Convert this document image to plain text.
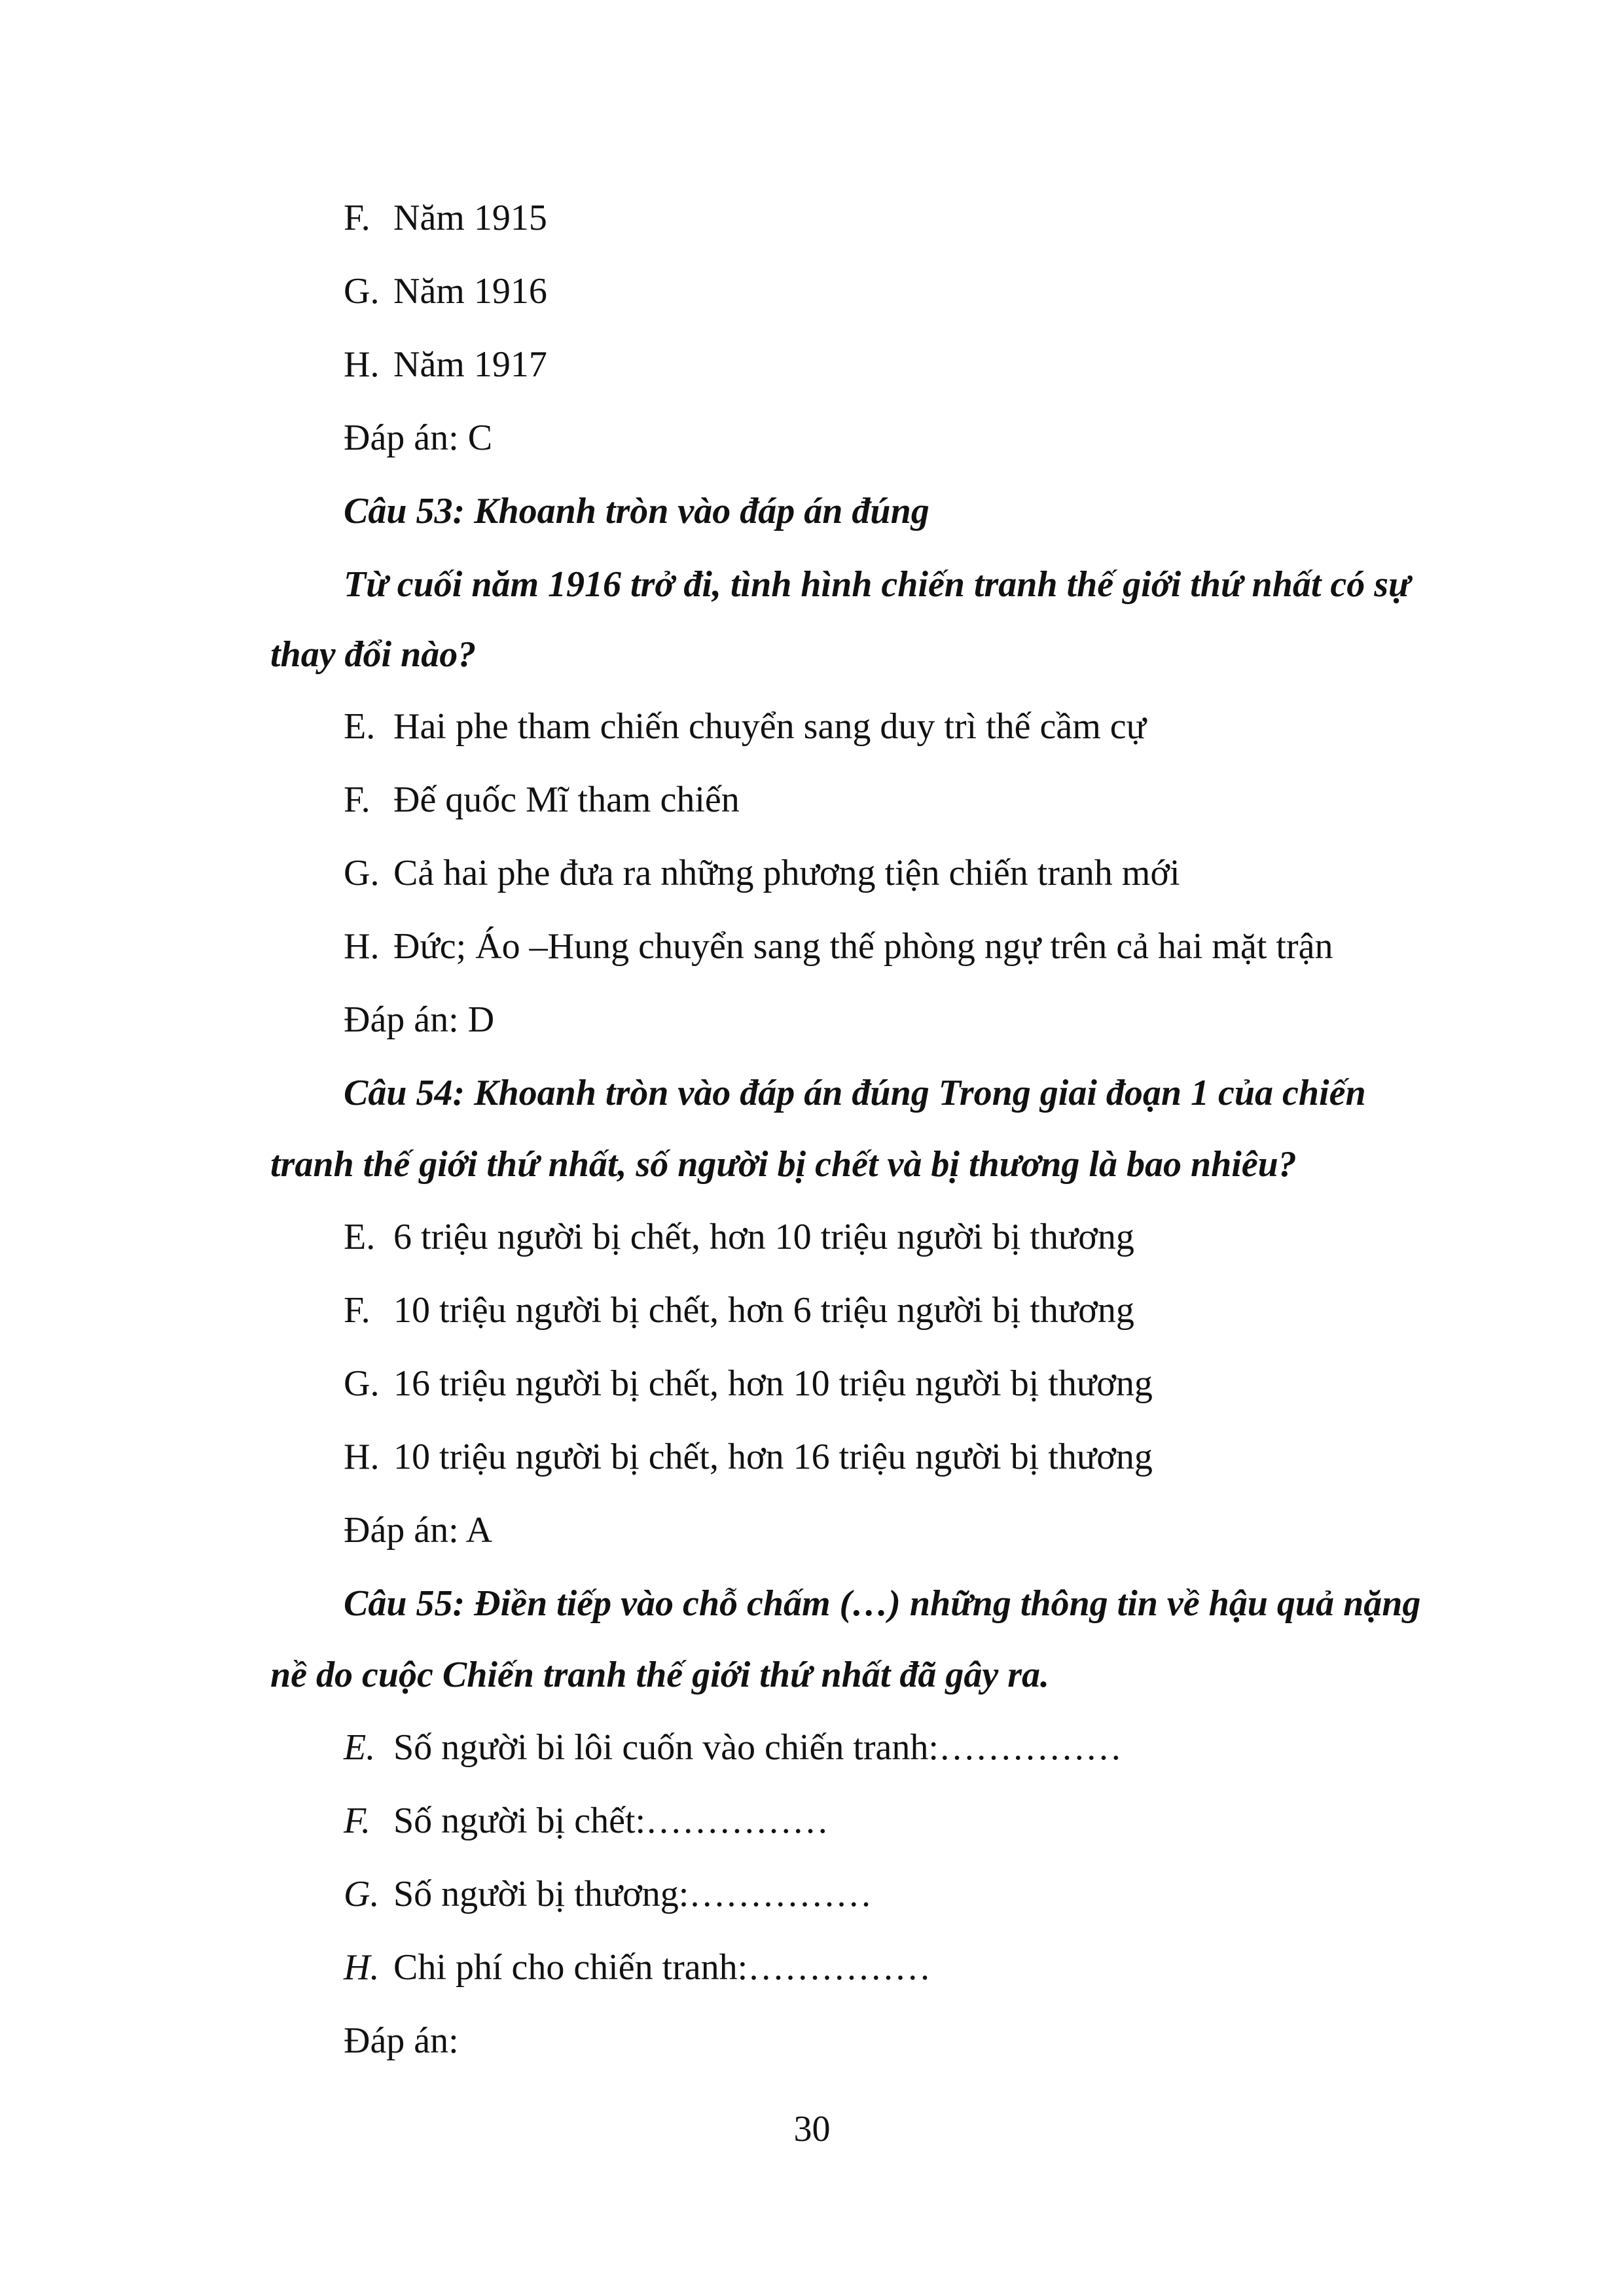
F. Năm 1915
G. Năm 1916
H. Năm 1917
Đáp án: C
Câu 53: Khoanh tròn vào đáp án đúng
Từ cuối năm 1916 trở đi, tình hình chiến tranh thế giới thứ nhất có sự
thay đổi nào?
E. Hai phe tham chiến chuyển sang duy trì thế cầm cự
F. Đế quốc Mĩ tham chiến
G. Cả hai phe đưa ra những phương tiện chiến tranh mới
H. Đức; Áo –Hung chuyển sang thế phòng ngự trên cả hai mặt trận
Đáp án: D
Câu 54: Khoanh tròn vào đáp án đúng Trong giai đoạn 1 của chiến
tranh thế giới thứ nhất, số người bị chết và bị thương là bao nhiêu?
E. 6 triệu người bị chết, hơn 10 triệu người bị thương
F. 10 triệu người bị chết, hơn 6 triệu người bị thương
G. 16 triệu người bị chết, hơn 10 triệu người bị thương
H. 10 triệu người bị chết, hơn 16 triệu người bị thương
Đáp án: A
Câu 55: Điền tiếp vào chỗ chấm (…) những thông tin về hậu quả nặng
nề do cuộc Chiến tranh thế giới thứ nhất đã gây ra.
E. Số người bi lôi cuốn vào chiến tranh:……………
F. Số người bị chết:……………
G. Số người bị thương:……………
H. Chi phí cho chiến tranh:……………
Đáp án:
30
